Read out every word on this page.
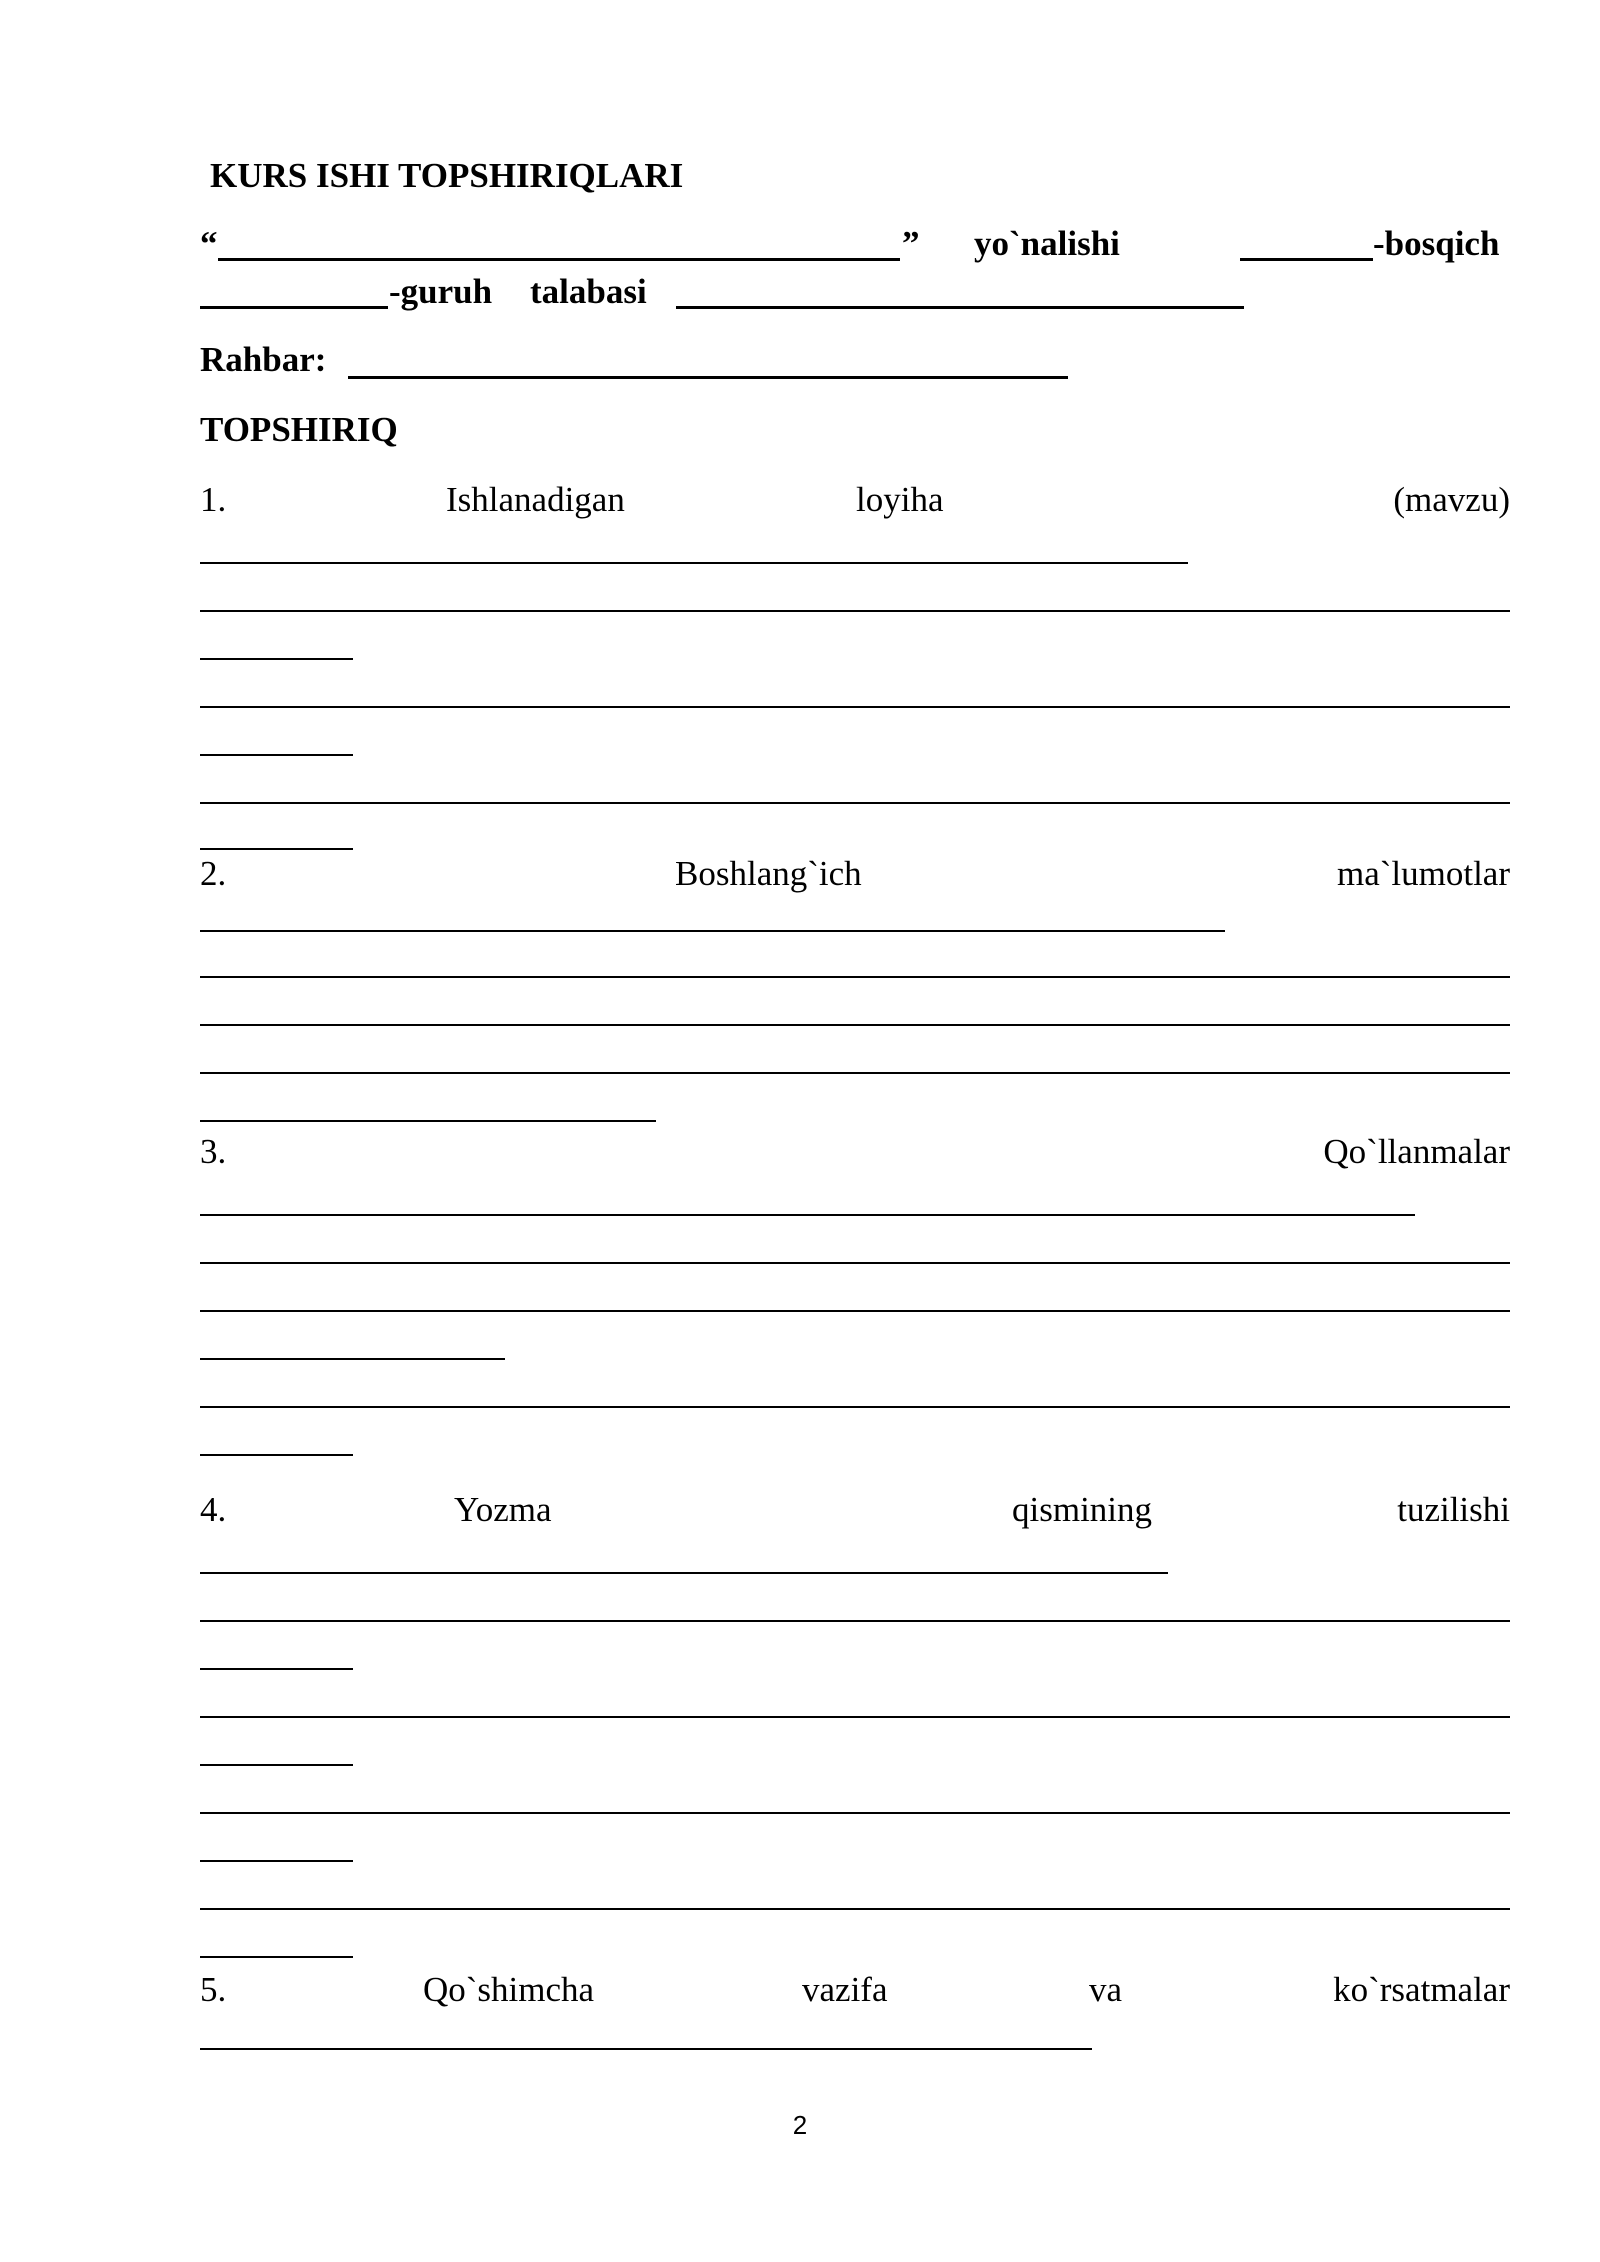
KURS ISHI TOPSHIRIQLARI
“	” yo`nalishi	-bosqich
-guruh talabasi
Rahbar:
TOPSHIRIQ
1.	Ishlanadigan	loyiha	(mavzu)
2.	Boshlang`ich	ma`lumotlar
3.	Qo`llanmalar
4.	Yozma	qismining	tuzilishi
5.	Qo`shimcha	vazifa	va	ko`rsatmalar
2
